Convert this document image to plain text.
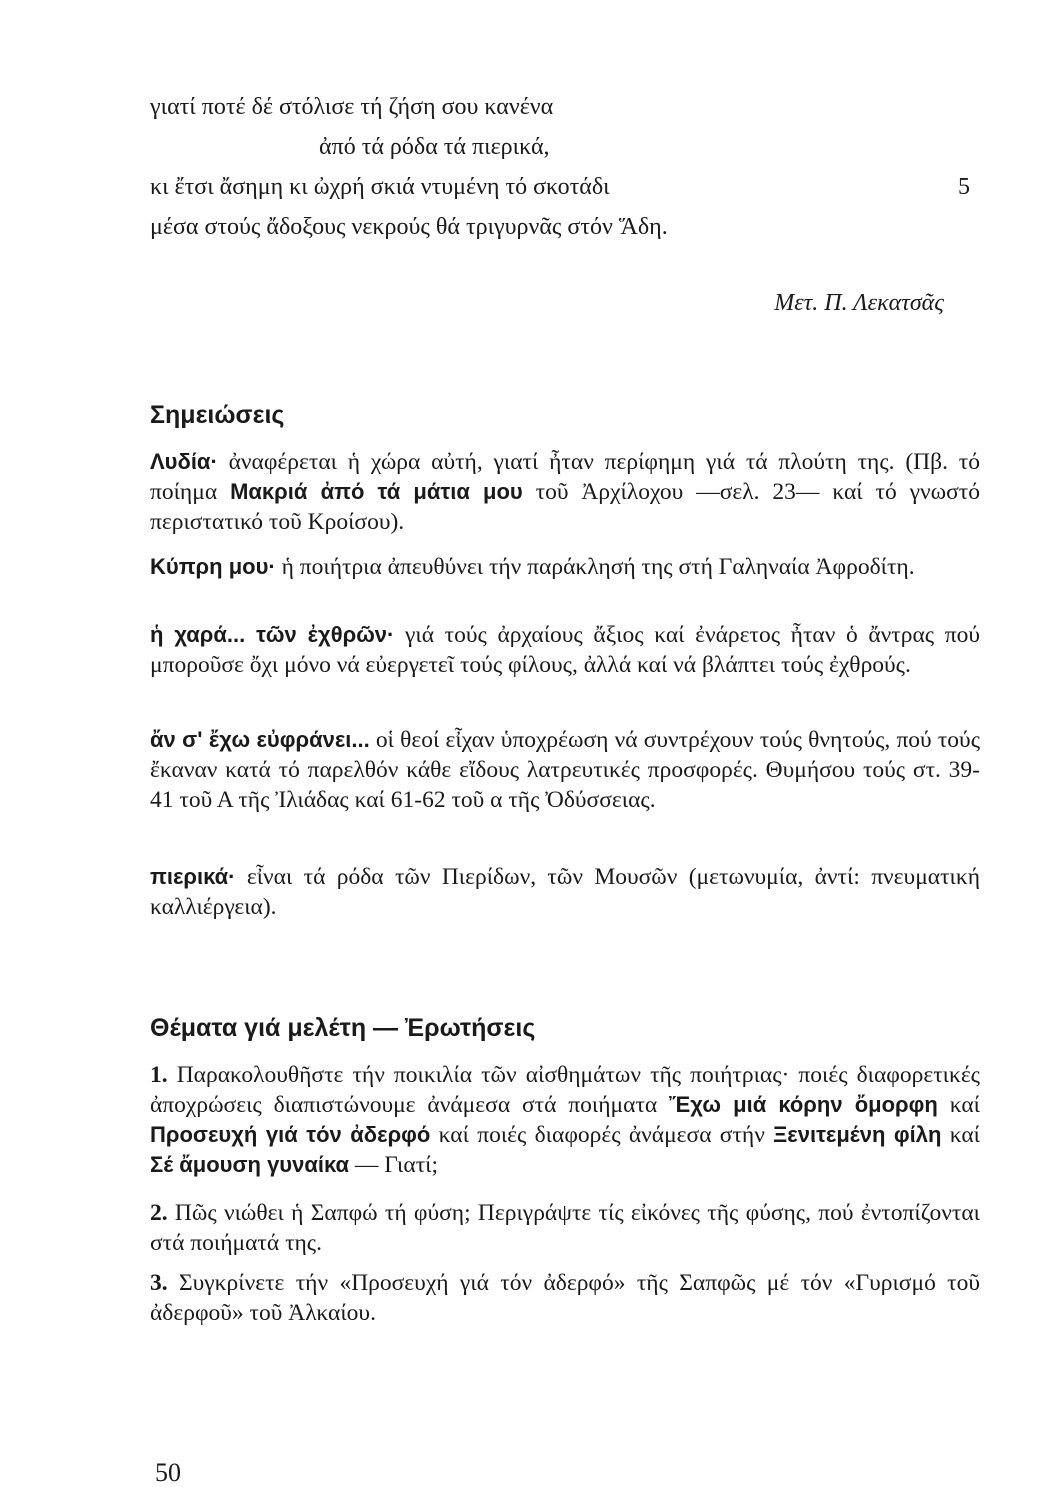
γιατί ποτέ δέ στόλισε τή ζήση σου κανένα
ἀπό τά ρόδα τά πιερικά,
κι ἔτσι ἄσημη κι ὠχρή σκιά ντυμένη τό σκοτάδι	5
μέσα στούς ἄδοξους νεκρούς θά τριγυρνᾶς στόν Ἅδη.
Μετ. Π. Λεκατσᾶς
Σημειώσεις
Λυδία· ἀναφέρεται ἡ χώρα αὐτή, γιατί ἦταν περίφημη γιά τά πλούτη της. (Πβ. τό ποίημα Μακριά ἀπό τά μάτια μου τοῦ Ἀρχίλοχου —σελ. 23— καί τό γνωστό περιστατικό τοῦ Κροίσου).
Κύπρη μου· ἡ ποιήτρια ἀπευθύνει τήν παράκλησή της στή Γαληναία Ἀφροδίτη.
ἡ χαρά... τῶν ἐχθρῶν· γιά τούς ἀρχαίους ἄξιος καί ἐνάρετος ἦταν ὁ ἄντρας πού μποροῦσε ὄχι μόνο νά εὐεργετεῖ τούς φίλους, ἀλλά καί νά βλάπτει τούς ἐχθρούς.
ἄν σ' ἔχω εὐφράνει... οἱ θεοί εἶχαν ὑποχρέωση νά συντρέχουν τούς θνητούς, πού τούς ἔκαναν κατά τό παρελθόν κάθε εἴδους λατρευτικές προσφορές. Θυμήσου τούς στ. 39-41 τοῦ Α τῆς Ἰλιάδας καί 61-62 τοῦ α τῆς Ὀδύσσειας.
πιερικά· εἶναι τά ρόδα τῶν Πιερίδων, τῶν Μουσῶν (μετωνυμία, ἀντί: πνευματική καλλιέργεια).
Θέματα γιά μελέτη — Ἐρωτήσεις
1. Παρακολουθῆστε τήν ποικιλία τῶν αἰσθημάτων τῆς ποιήτριας· ποιές διαφορετικές ἀποχρώσεις διαπιστώνουμε ἀνάμεσα στά ποιήματα Ἔχω μιά κόρην ὄμορφη καί Προσευχή γιά τόν ἀδερφό καί ποιές διαφορές ἀνάμεσα στήν Ξενιτεμένη φίλη καί Σέ ἄμουση γυναίκα — Γιατί;
2. Πῶς νιώθει ἡ Σαπφώ τή φύση; Περιγράψτε τίς εἰκόνες τῆς φύσης, πού ἐντοπίζονται στά ποιήματά της.
3. Συγκρίνετε τήν «Προσευχή γιά τόν ἀδερφό» τῆς Σαπφῶς μέ τόν «Γυρισμό τοῦ ἀδερφοῦ» τοῦ Ἀλκαίου.
50
